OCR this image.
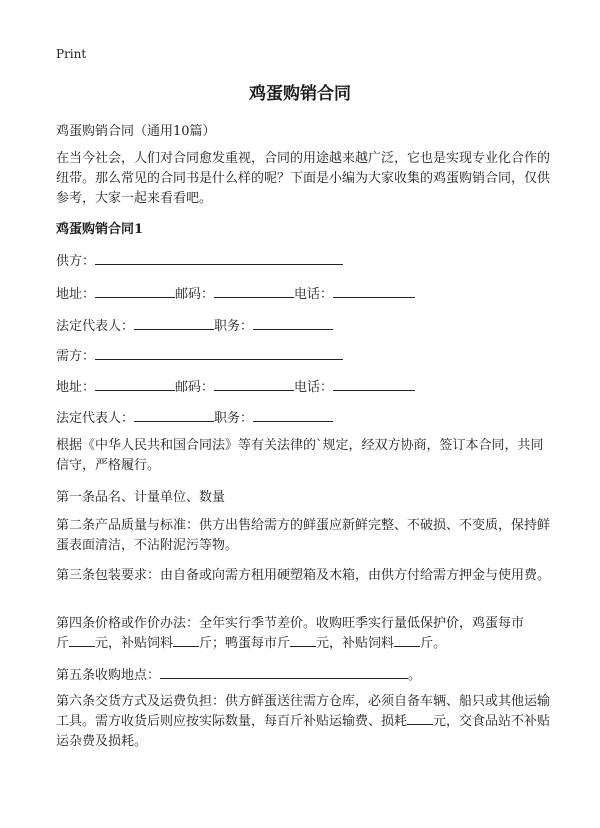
Print
鸡蛋购销合同
鸡蛋购销合同（通用10篇）
在当今社会，人们对合同愈发重视，合同的用途越来越广泛，它也是实现专业化合作的纽带。那么常见的合同书是什么样的呢？下面是小编为大家收集的鸡蛋购销合同，仅供参考，大家一起来看看吧。
鸡蛋购销合同1
供方：
地址：	邮码：	电话：
法定代表人：	职务：
需方：
地址：	邮码：	电话：
法定代表人：	职务：
根据《中华人民共和国合同法》等有关法律的`规定，经双方协商，签订本合同，共同信守，严格履行。
第一条品名、计量单位、数量
第二条产品质量与标准：供方出售给需方的鲜蛋应新鲜完整、不破损、不变质，保持鲜蛋表面清洁，不沾附泥污等物。
第三条包装要求：由自备或向需方租用硬塑箱及木箱，由供方付给需方押金与使用费。
第四条价格或作价办法：全年实行季节差价。收购旺季实行量低保护价，鸡蛋每市
斤 元，补贴饲料 斤；鸭蛋每市斤 元，补贴饲料 斤。
第五条收购地点：	。
第六条交货方式及运费负担：供方鲜蛋送往需方仓库，必须自备车辆、船只或其他运输工具。需方收货后则应按实际数量，每百斤补贴运输费、损耗 元，交食品站不补贴运杂费及损耗。
